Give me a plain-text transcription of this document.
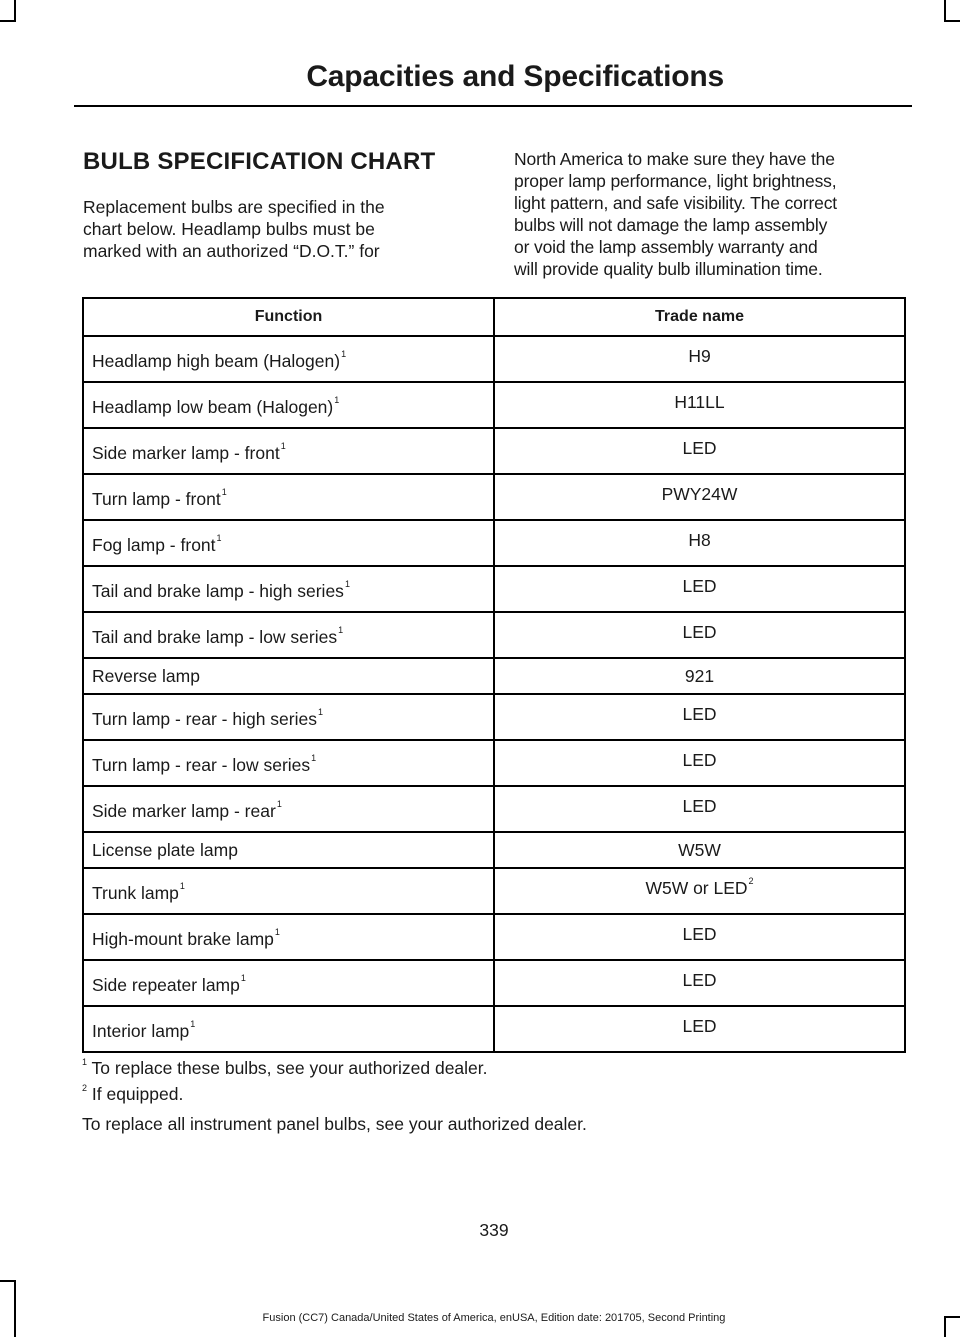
Capacities and Specifications
BULB SPECIFICATION CHART
Replacement bulbs are specified in the
chart below. Headlamp bulbs must be
marked with an authorized “D.O.T.” for
North America to make sure they have the
proper lamp performance, light brightness,
light pattern, and safe visibility. The correct
bulbs will not damage the lamp assembly
or void the lamp assembly warranty and
will provide quality bulb illumination time.
Function	Trade name
Headlamp high beam (Halogen)$^1$	H9
Headlamp low beam (Halogen)$^1$	H11LL
Side marker lamp - front$^1$	LED
Turn lamp - front$^1$	PWY24W
Fog lamp - front$^1$	H8
Tail and brake lamp - high series$^1$	LED
Tail and brake lamp - low series$^1$	LED
Reverse lamp	921
Turn lamp - rear - high series$^1$	LED
Turn lamp - rear - low series$^1$	LED
Side marker lamp - rear$^1$	LED
License plate lamp	W5W
Trunk lamp$^1$	W5W or LED$^2$
High-mount brake lamp$^1$	LED
Side repeater lamp$^1$	LED
Interior lamp$^1$	LED
$^1$ To replace these bulbs, see your authorized dealer.
$^2$ If equipped.
To replace all instrument panel bulbs, see your authorized dealer.
339
Fusion (CC7) Canada/United States of America, enUSA, Edition date: 201705, Second Printing
